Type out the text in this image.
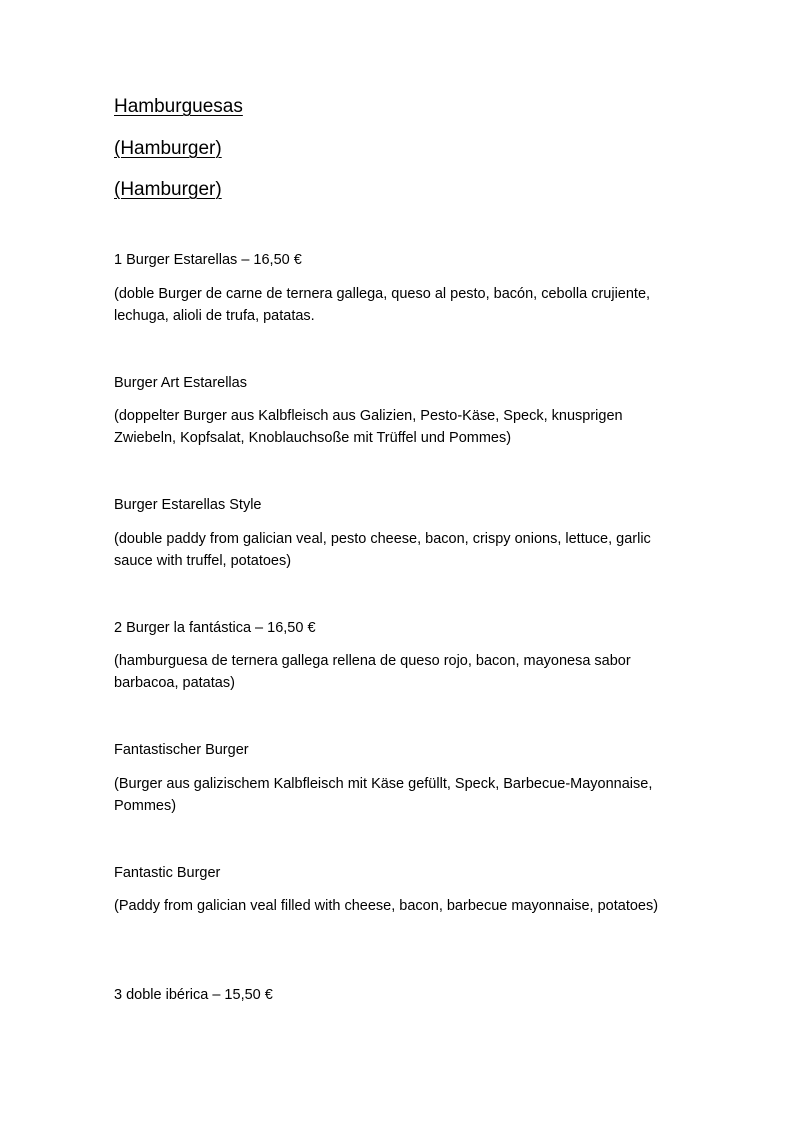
Hamburguesas
(Hamburger)
(Hamburger)
1 Burger Estarellas – 16,50 €
(doble Burger de carne de ternera gallega, queso al pesto, bacón, cebolla crujiente, lechuga, alioli de trufa, patatas.
Burger Art Estarellas
(doppelter Burger aus Kalbfleisch aus Galizien, Pesto-Käse, Speck, knusprigen Zwiebeln, Kopfsalat, Knoblauchsoße mit Trüffel und Pommes)
Burger Estarellas Style
(double paddy from galician veal, pesto cheese, bacon, crispy onions, lettuce, garlic sauce with truffel, potatoes)
2 Burger la fantástica – 16,50 €
(hamburguesa de ternera gallega rellena de queso rojo, bacon, mayonesa sabor barbacoa, patatas)
Fantastischer Burger
(Burger aus galizischem Kalbfleisch mit Käse gefüllt, Speck, Barbecue-Mayonnaise, Pommes)
Fantastic Burger
(Paddy from galician veal filled with cheese, bacon, barbecue mayonnaise, potatoes)
3 doble ibérica – 15,50 €
